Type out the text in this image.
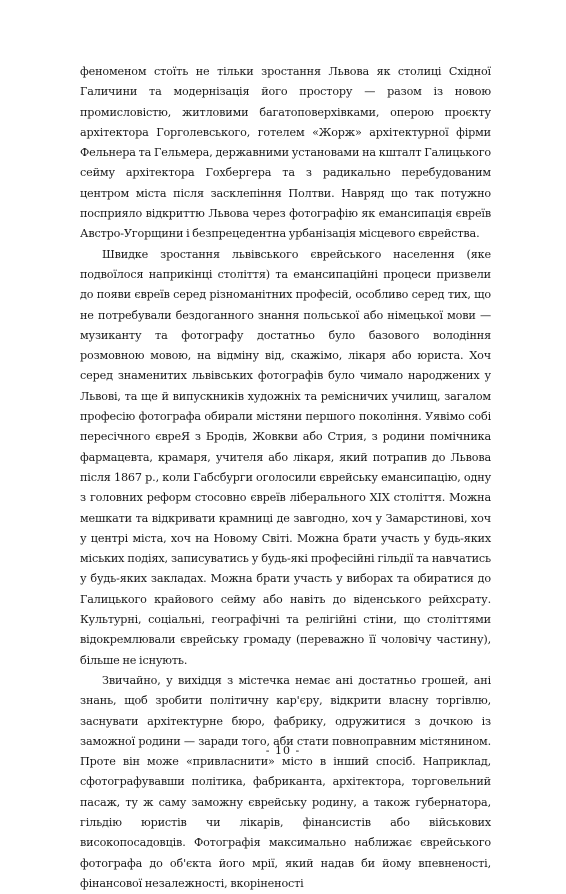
феноменом стоїть не тільки зростання Львова як столиці Східної Галичини та модернізація його простору — разом із новою промисловістю, житловими багатоповерхівками, оперою проєкту архітектора Горголевського, готелем «Жорж» архітектурної фірми Фельнера та Гельмера, державними установами на кшталт Галицького сейму архітектора Гохбергера та з радикально перебудованим центром міста після засклепіння Полтви. Навряд що так потужно посприяло відкриттю Львова через фотографію як емансипація євреїв Австро-Угорщини і безпрецедентна урбанізація місцевого єврейства.

Швидке зростання львівського єврейського населення (яке подвоїлося наприкінці століття) та емансипаційні процеси призвели до появи євреїв серед різноманітних професій, особливо серед тих, що не потребували бездоганного знання польської або німецької мови — музиканту та фотографу достатньо було базового володіння розмовною мовою, на відміну від, скажімо, лікаря або юриста. Хоч серед знаменитих львівських фотографів було чимало народжених у Львові, та ще й випускників художніх та ремісничих училищ, загалом професію фотографа обирали містяни першого покоління. Уявімо собі пересічного євреЯ з Бродів, Жовкви або Стрия, з родини помічника фармацевта, крамаря, учителя або лікаря, який потрапив до Львова після 1867 р., коли Габсбурги оголосили єврейську емансипацію, одну з головних реформ стосовно євреїв ліберального XIX століття. Можна мешкати та відкривати крамниці де завгодно, хоч у Замарстинові, хоч у центрі міста, хоч на Новому Світі. Можна брати участь у будь-яких міських подіях, записуватись у будь-які професійні гільдії та навчатись у будь-яких закладах. Можна брати участь у виборах та обиратися до Галицького крайового сейму або навіть до віденського рейхсрату. Культурні, соціальні, географічні та релігійні стіни, що століттями відокремлювали єврейську громаду (переважно її чоловічу частину), більше не існують.

Звичайно, у вихідця з містечка немає ані достатньо грошей, ані знань, щоб зробити політичну кар'єру, відкрити власну торгівлю, заснувати архітектурне бюро, фабрику, одружитися з дочкою із заможної родини — заради того, аби стати повноправним містянином. Проте він може «привласнити» місто в інший спосіб. Наприклад, сфотографувавши політика, фабриканта, архітектора, торговельний пасаж, ту ж саму заможну єврейську родину, а також губернатора, гільдію юристів чи лікарів, фінансистів або військових високопосадовців. Фотографія максимально наближає єврейського фотографа до об'єкта його мрії, який надав би йому впевненості, фінансової незалежності, вкоріненості

- 10 -
